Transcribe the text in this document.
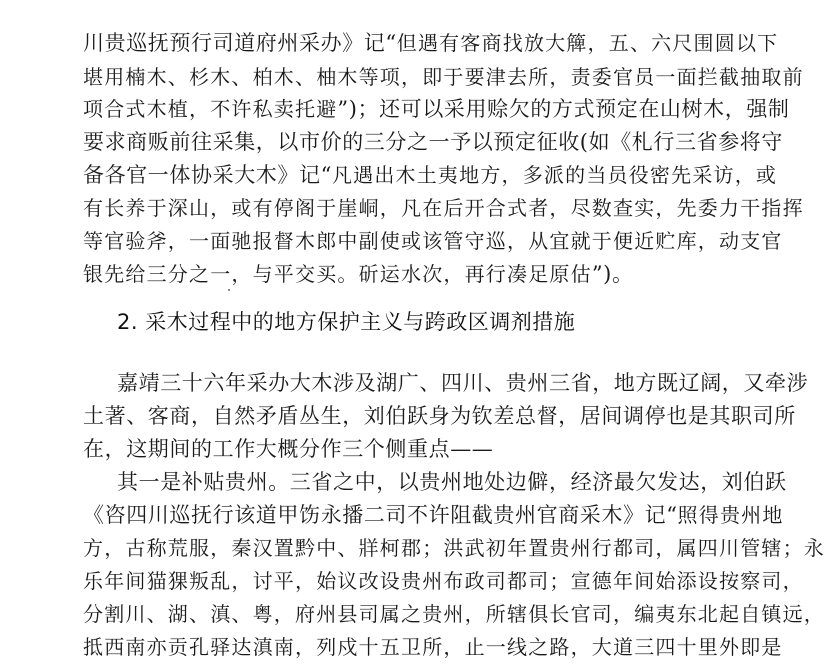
川贵巡抚预行司道府州采办》记“但遇有客商找放大簰，五、六尺围圆以下
堪用楠木、杉木、柏木、柚木等项，即于要津去所，责委官员一面拦截抽取前
项合式木植，不许私卖托避”)；还可以采用赊欠的方式预定在山树木，强制
要求商贩前往采集，以市价的三分之一予以预定征收(如《札行三省参将守
备各官一体协采大木》记“凡遇出木土夷地方，多派的当员役密先采访，或
有长养于深山，或有停阁于崖峒，凡在后开合式者，尽数查实，先委力干指挥
等官验斧，一面驰报督木郎中副使或该管守巡，从宜就于便近贮库，动支官
银先给三分之一，与平交买。斫运水次，再行凑足原估”)。
2. 采木过程中的地方保护主义与跨政区调剂措施
嘉靖三十六年采办大木涉及湖广、四川、贵州三省，地方既辽阔，又牵涉
土著、客商，自然矛盾丛生，刘伯跃身为钦差总督，居间调停也是其职司所
在，这期间的工作大概分作三个侧重点——
其一是补贴贵州。三省之中，以贵州地处边僻，经济最欠发达，刘伯跃
《咨四川巡抚行该道甲饬永播二司不许阻截贵州官商采木》记“照得贵州地
方，古称荒服，秦汉置黔中、牂柯郡；洪武初年置贵州行都司，属四川管辖；永
乐年间猫猓叛乱，讨平，始议改设贵州布政司都司；宣德年间始添设按察司，
分割川、湖、滇、粤，府州县司属之贵州，所辖俱长官司，编夷东北起自镇远，
抵西南亦贡孔驿达滇南，列戍十五卫所，止一线之路，大道三四十里外即是
